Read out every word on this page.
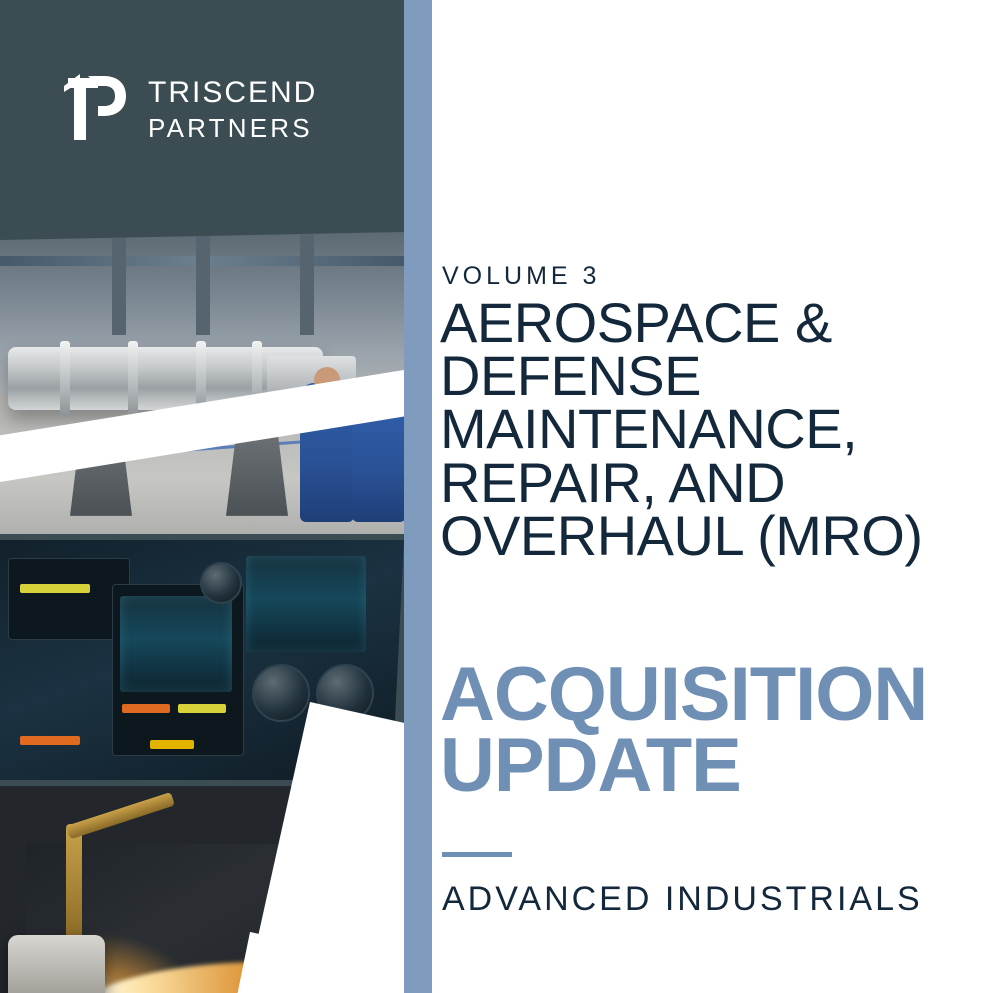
TRISCEND
PARTNERS
2025
VOLUME 3
AEROSPACE & DEFENSE MAINTENANCE, REPAIR, AND OVERHAUL (MRO)
ACQUISITION UPDATE
ADVANCED INDUSTRIALS
